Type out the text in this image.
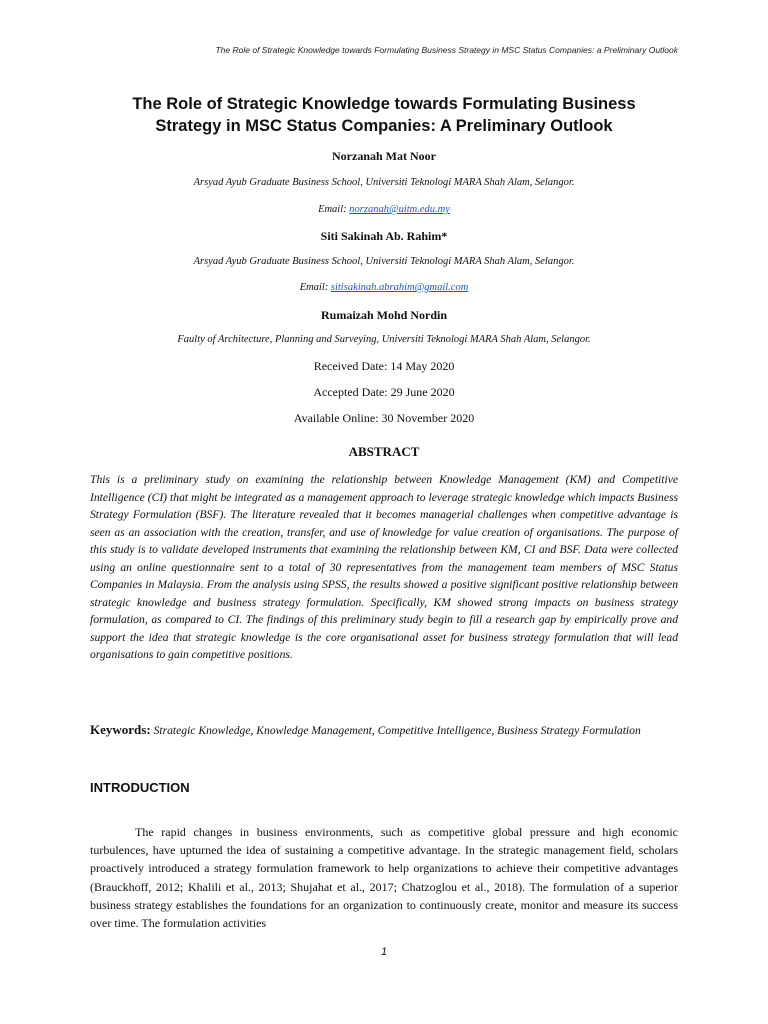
The Role of Strategic Knowledge towards Formulating Business Strategy in MSC Status Companies: a Preliminary Outlook
The Role of Strategic Knowledge towards Formulating Business
Strategy in MSC Status Companies: A Preliminary Outlook
Norzanah Mat Noor
Arsyad Ayub Graduate Business School, Universiti Teknologi MARA Shah Alam, Selangor.
Email: norzanah@uitm.edu.my
Siti Sakinah Ab. Rahim*
Arsyad Ayub Graduate Business School, Universiti Teknologi MARA Shah Alam, Selangor.
Email: sitisakinah.abrahim@gmail.com
Rumaizah Mohd Nordin
Faulty of Architecture, Planning and Surveying, Universiti Teknologi MARA Shah Alam, Selangor.
Received Date: 14 May 2020
Accepted Date: 29 June 2020
Available Online: 30 November 2020
ABSTRACT
This is a preliminary study on examining the relationship between Knowledge Management (KM) and Competitive Intelligence (CI) that might be integrated as a management approach to leverage strategic knowledge which impacts Business Strategy Formulation (BSF). The literature revealed that it becomes managerial challenges when competitive advantage is seen as an association with the creation, transfer, and use of knowledge for value creation of organisations. The purpose of this study is to validate developed instruments that examining the relationship between KM, CI and BSF. Data were collected using an online questionnaire sent to a total of 30 representatives from the management team members of MSC Status Companies in Malaysia. From the analysis using SPSS, the results showed a positive significant positive relationship between strategic knowledge and business strategy formulation. Specifically, KM showed strong impacts on business strategy formulation, as compared to CI. The findings of this preliminary study begin to fill a research gap by empirically prove and support the idea that strategic knowledge is the core organisational asset for business strategy formulation that will lead organisations to gain competitive positions.
Keywords: Strategic Knowledge, Knowledge Management, Competitive Intelligence, Business Strategy Formulation
INTRODUCTION
The rapid changes in business environments, such as competitive global pressure and high economic turbulences, have upturned the idea of sustaining a competitive advantage. In the strategic management field, scholars proactively introduced a strategy formulation framework to help organizations to achieve their competitive advantages (Brauckhoff, 2012; Khalili et al., 2013; Shujahat et al., 2017; Chatzoglou et al., 2018). The formulation of a superior business strategy establishes the foundations for an organization to continuously create, monitor and measure its success over time. The formulation activities
1
